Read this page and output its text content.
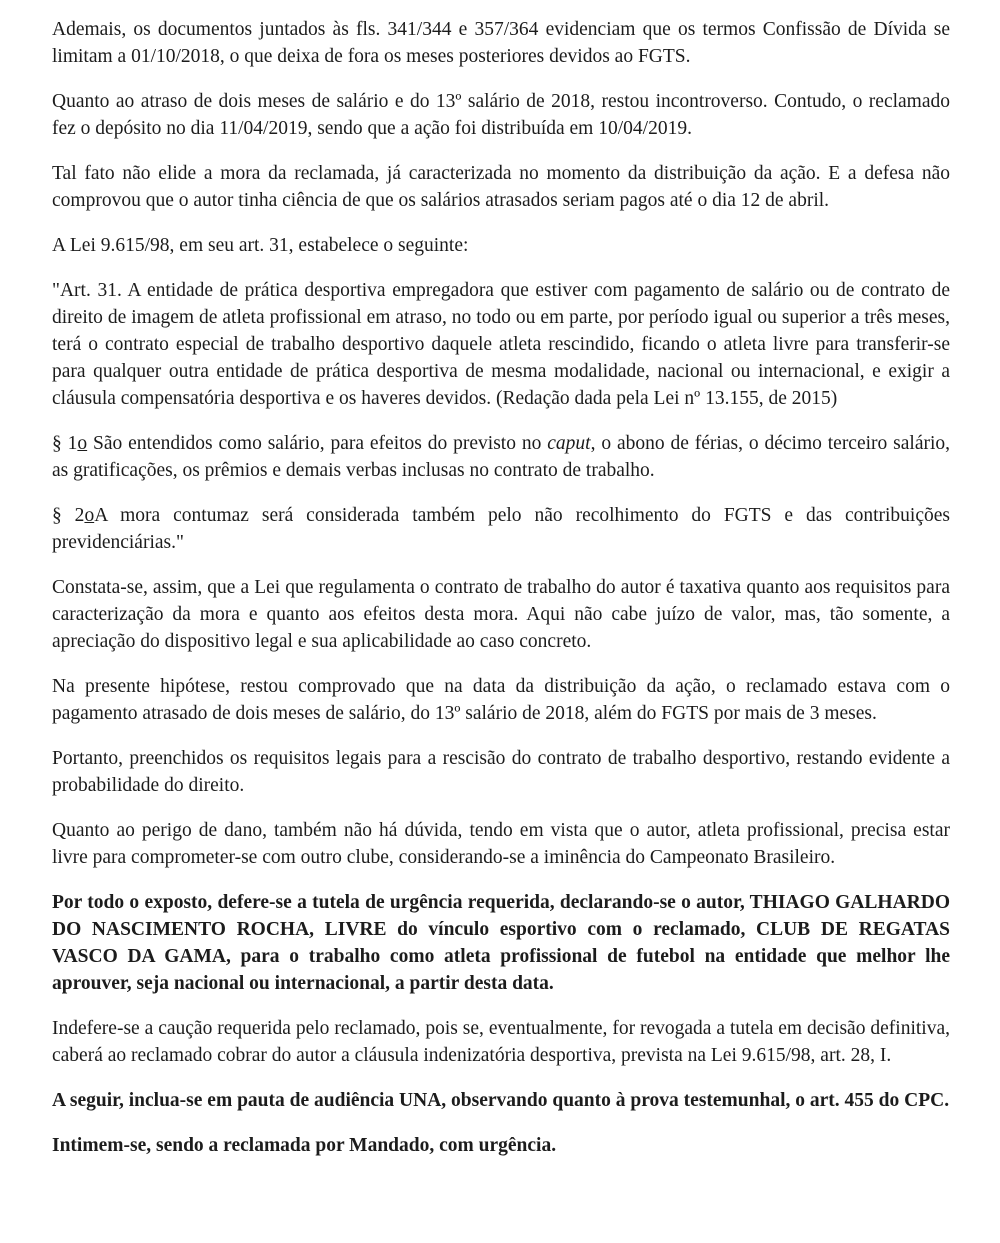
Ademais, os documentos juntados às fls. 341/344 e 357/364 evidenciam que os termos Confissão de Dívida se limitam a 01/10/2018, o que deixa de fora os meses posteriores devidos ao FGTS.

Quanto ao atraso de dois meses de salário e do 13º salário de 2018, restou incontroverso. Contudo, o reclamado fez o depósito no dia 11/04/2019, sendo que a ação foi distribuída em 10/04/2019.

Tal fato não elide a mora da reclamada, já caracterizada no momento da distribuição da ação. E a defesa não comprovou que o autor tinha ciência de que os salários atrasados seriam pagos até o dia 12 de abril.

A Lei 9.615/98, em seu art. 31, estabelece o seguinte:

"Art. 31. A entidade de prática desportiva empregadora que estiver com pagamento de salário ou de contrato de direito de imagem de atleta profissional em atraso, no todo ou em parte, por período igual ou superior a três meses, terá o contrato especial de trabalho desportivo daquele atleta rescindido, ficando o atleta livre para transferir-se para qualquer outra entidade de prática desportiva de mesma modalidade, nacional ou internacional, e exigir a cláusula compensatória desportiva e os haveres devidos. (Redação dada pela Lei nº 13.155, de 2015)

§ 1o São entendidos como salário, para efeitos do previsto no caput, o abono de férias, o décimo terceiro salário, as gratificações, os prêmios e demais verbas inclusas no contrato de trabalho.

§ 2oA mora contumaz será considerada também pelo não recolhimento do FGTS e das contribuições previdenciárias."

Constata-se, assim, que a Lei que regulamenta o contrato de trabalho do autor é taxativa quanto aos requisitos para caracterização da mora e quanto aos efeitos desta mora. Aqui não cabe juízo de valor, mas, tão somente, a apreciação do dispositivo legal e sua aplicabilidade ao caso concreto.

Na presente hipótese, restou comprovado que na data da distribuição da ação, o reclamado estava com o pagamento atrasado de dois meses de salário, do 13º salário de 2018, além do FGTS por mais de 3 meses.

Portanto, preenchidos os requisitos legais para a rescisão do contrato de trabalho desportivo, restando evidente a probabilidade do direito.

Quanto ao perigo de dano, também não há dúvida, tendo em vista que o autor, atleta profissional, precisa estar livre para comprometer-se com outro clube, considerando-se a iminência do Campeonato Brasileiro.

Por todo o exposto, defere-se a tutela de urgência requerida, declarando-se o autor, THIAGO GALHARDO DO NASCIMENTO ROCHA, LIVRE do vínculo esportivo com o reclamado, CLUB DE REGATAS VASCO DA GAMA, para o trabalho como atleta profissional de futebol na entidade que melhor lhe aprouver, seja nacional ou internacional, a partir desta data.

Indefere-se a caução requerida pelo reclamado, pois se, eventualmente, for revogada a tutela em decisão definitiva, caberá ao reclamado cobrar do autor a cláusula indenizatória desportiva, prevista na Lei 9.615/98, art. 28, I.

A seguir, inclua-se em pauta de audiência UNA, observando quanto à prova testemunhal, o art. 455 do CPC.

Intimem-se, sendo a reclamada por Mandado, com urgência.
